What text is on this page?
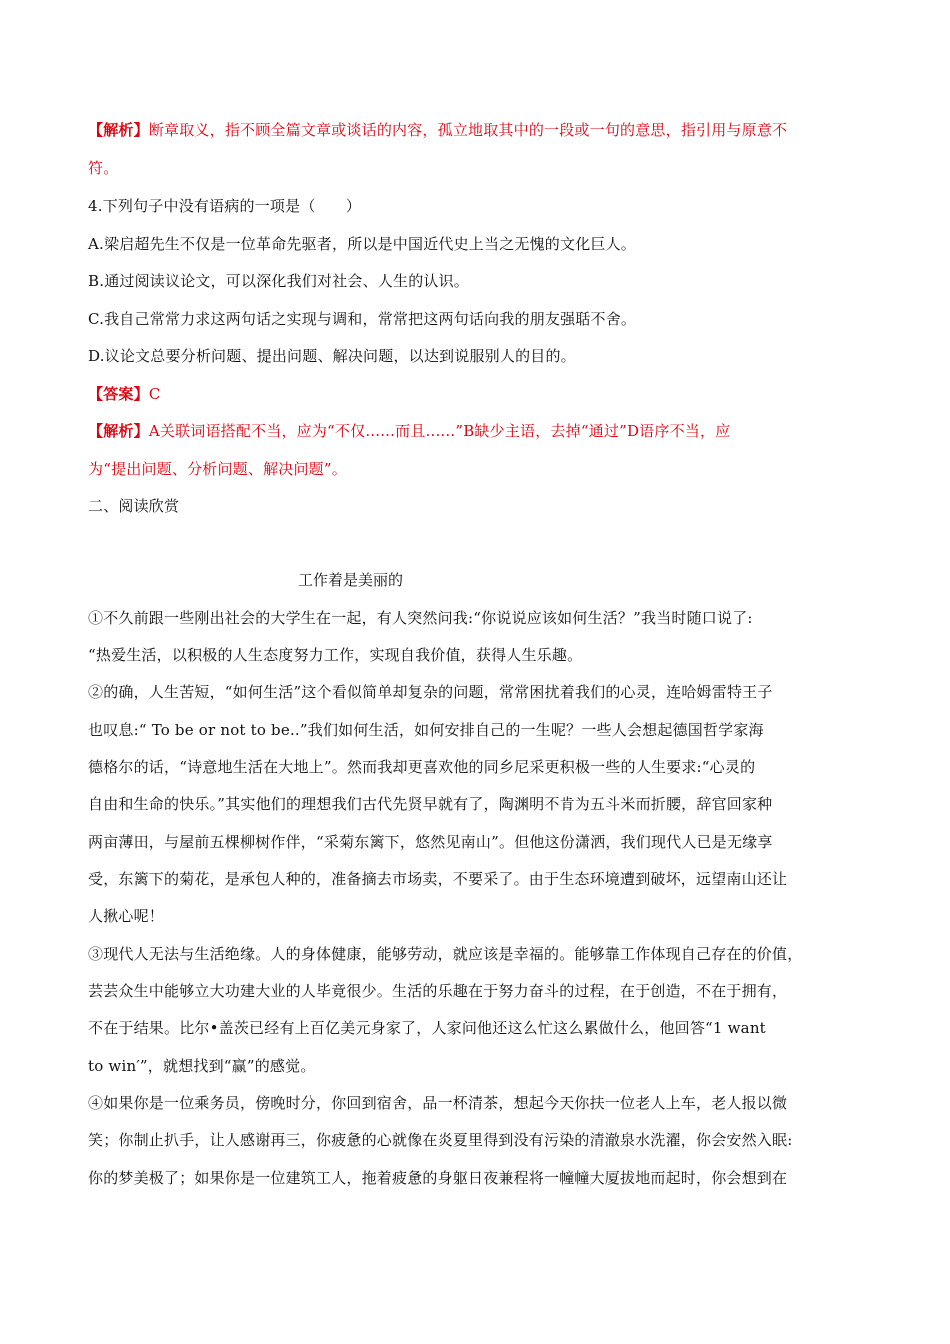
【解析】断章取义，指不顾全篇文章或谈话的内容，孤立地取其中的一段或一句的意思，指引用与原意不
符。
4.下列句子中没有语病的一项是（　　）
A.梁启超先生不仅是一位革命先驱者，所以是中国近代史上当之无愧的文化巨人。
B.通过阅读议论文，可以深化我们对社会、人生的认识。
C.我自己常常力求这两句话之实现与调和，常常把这两句话向我的朋友强聒不舍。
D.议论文总要分析问题、提出问题、解决问题，以达到说服别人的目的。
【答案】C
【解析】A关联词语搭配不当，应为“不仅......而且......”B缺少主语，去掉“通过”D语序不当，应
为“提出问题、分析问题、解决问题”。
二、阅读欣赏
工作着是美丽的
①不久前跟一些刚出社会的大学生在一起，有人突然问我:“你说说应该如何生活？”我当时随口说了:
“热爱生活，以积极的人生态度努力工作，实现自我价值，获得人生乐趣。
②的确，人生苦短，“如何生活”这个看似简单却复杂的问题，常常困扰着我们的心灵，连哈姆雷特王子
也叹息:“ To be or not to be..”我们如何生活，如何安排自己的一生呢？一些人会想起德国哲学家海
德格尔的话，“诗意地生活在大地上”。然而我却更喜欢他的同乡尼采更积极一些的人生要求:“心灵的
自由和生命的快乐。”其实他们的理想我们古代先贤早就有了，陶渊明不肯为五斗米而折腰，辞官回家种
两亩薄田，与屋前五棵柳树作伴，“采菊东篱下，悠然见南山”。但他这份潇洒，我们现代人已是无缘享
受，东篱下的菊花，是承包人种的，准备摘去市场卖，不要采了。由于生态环境遭到破坏，远望南山还让
人揪心呢！
③现代人无法与生活绝缘。人的身体健康，能够劳动，就应该是幸福的。能够靠工作体现自己存在的价值，
芸芸众生中能够立大功建大业的人毕竟很少。生活的乐趣在于努力奋斗的过程，在于创造，不在于拥有，
不在于结果。比尔•盖茨已经有上百亿美元身家了，人家问他还这么忙这么累做什么，他回答“1 want
to win′”，就想找到“赢”的感觉。
④如果你是一位乘务员，傍晚时分，你回到宿舍，品一杯清茶，想起今天你扶一位老人上车，老人报以微
笑；你制止扒手，让人感谢再三，你疲惫的心就像在炎夏里得到没有污染的清澈泉水洗濯，你会安然入眠:
你的梦美极了；如果你是一位建筑工人，拖着疲惫的身躯日夜兼程将一幢幢大厦拔地而起时，你会想到在
